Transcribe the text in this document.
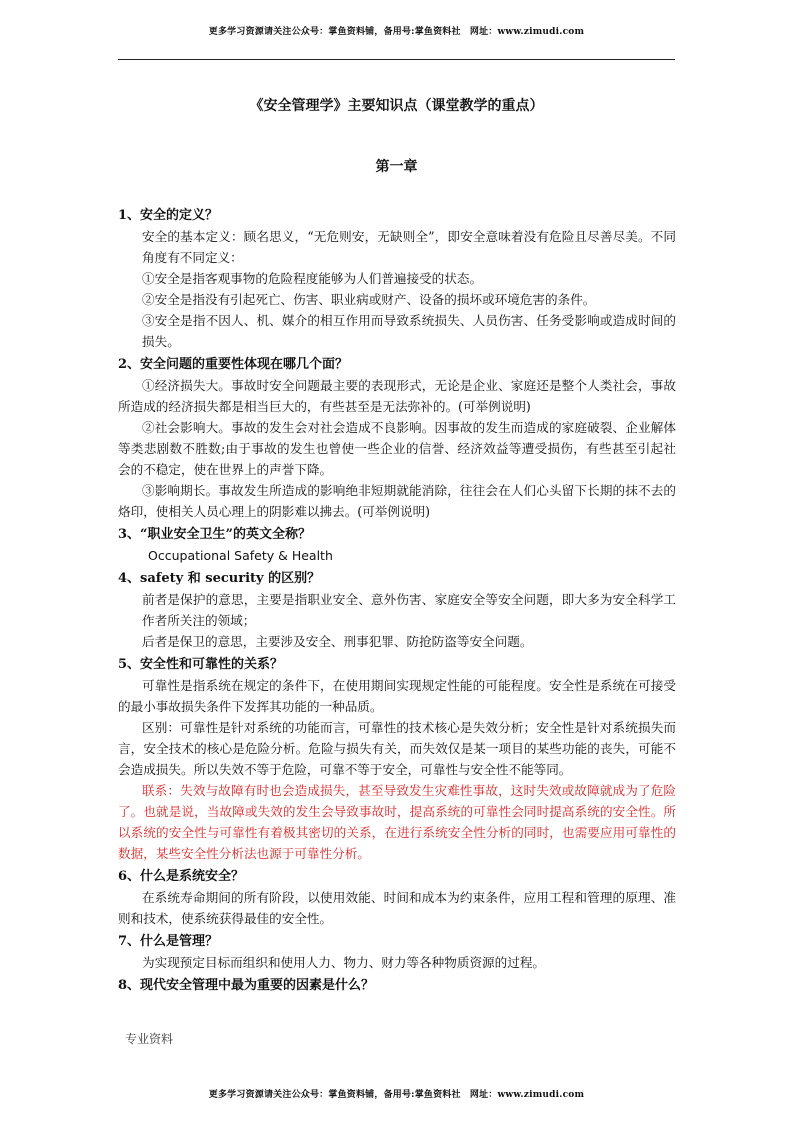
更多学习资源请关注公众号：掌鱼资料铺，备用号:掌鱼资料社　网址：www.zimudi.com
《安全管理学》主要知识点（课堂教学的重点）
第一章
1、安全的定义？

安全的基本定义：顾名思义，“无危则安，无缺则全”，即安全意味着没有危险且尽善尽美。不同角度有不同定义：

①安全是指客观事物的危险程度能够为人们普遍接受的状态。

②安全是指没有引起死亡、伤害、职业病或财产、设备的损坏或环境危害的条件。

③安全是指不因人、机、媒介的相互作用而导致系统损失、人员伤害、任务受影响或造成时间的损失。

2、安全问题的重要性体现在哪几个面？

①经济损失大。事故时安全问题最主要的表现形式，无论是企业、家庭还是整个人类社会，事故所造成的经济损失都是相当巨大的，有些甚至是无法弥补的。(可举例说明)

②社会影响大。事故的发生会对社会造成不良影响。因事故的发生而造成的家庭破裂、企业解体等类悲剧数不胜数;由于事故的发生也曾使一些企业的信誉、经济效益等遭受损伤，有些甚至引起社会的不稳定，使在世界上的声誉下降。

③影响期长。事故发生所造成的影响绝非短期就能消除，往往会在人们心头留下长期的抹不去的烙印，使相关人员心理上的阴影难以拂去。(可举例说明)

3、“职业安全卫生”的英文全称？

Occupational Safety & Health

4、safety 和 security 的区别？

前者是保护的意思，主要是指职业安全、意外伤害、家庭安全等安全问题，即大多为安全科学工作者所关注的领域；

后者是保卫的意思，主要涉及安全、刑事犯罪、防抢防盗等安全问题。

5、安全性和可靠性的关系？

可靠性是指系统在规定的条件下，在使用期间实现规定性能的可能程度。安全性是系统在可接受的最小事故损失条件下发挥其功能的一种品质。

区别：可靠性是针对系统的功能而言，可靠性的技术核心是失效分析；安全性是针对系统损失而言，安全技术的核心是危险分析。危险与损失有关，而失效仅是某一项目的某些功能的丧失，可能不会造成损失。所以失效不等于危险，可靠不等于安全，可靠性与安全性不能等同。

联系：失效与故障有时也会造成损失，甚至导致发生灾难性事故，这时失效或故障就成为了危险了。也就是说，当故障或失效的发生会导致事故时，提高系统的可靠性会同时提高系统的安全性。所以系统的安全性与可靠性有着极其密切的关系，在进行系统安全性分析的同时，也需要应用可靠性的数据，某些安全性分析法也源于可靠性分析。

6、什么是系统安全？

在系统寿命期间的所有阶段，以使用效能、时间和成本为约束条件，应用工程和管理的原理、准则和技术，使系统获得最佳的安全性。

7、什么是管理？

为实现预定目标而组织和使用人力、物力、财力等各种物质资源的过程。

8、现代安全管理中最为重要的因素是什么？
专业资料
更多学习资源请关注公众号：掌鱼资料铺，备用号:掌鱼资料社　网址：www.zimudi.com
